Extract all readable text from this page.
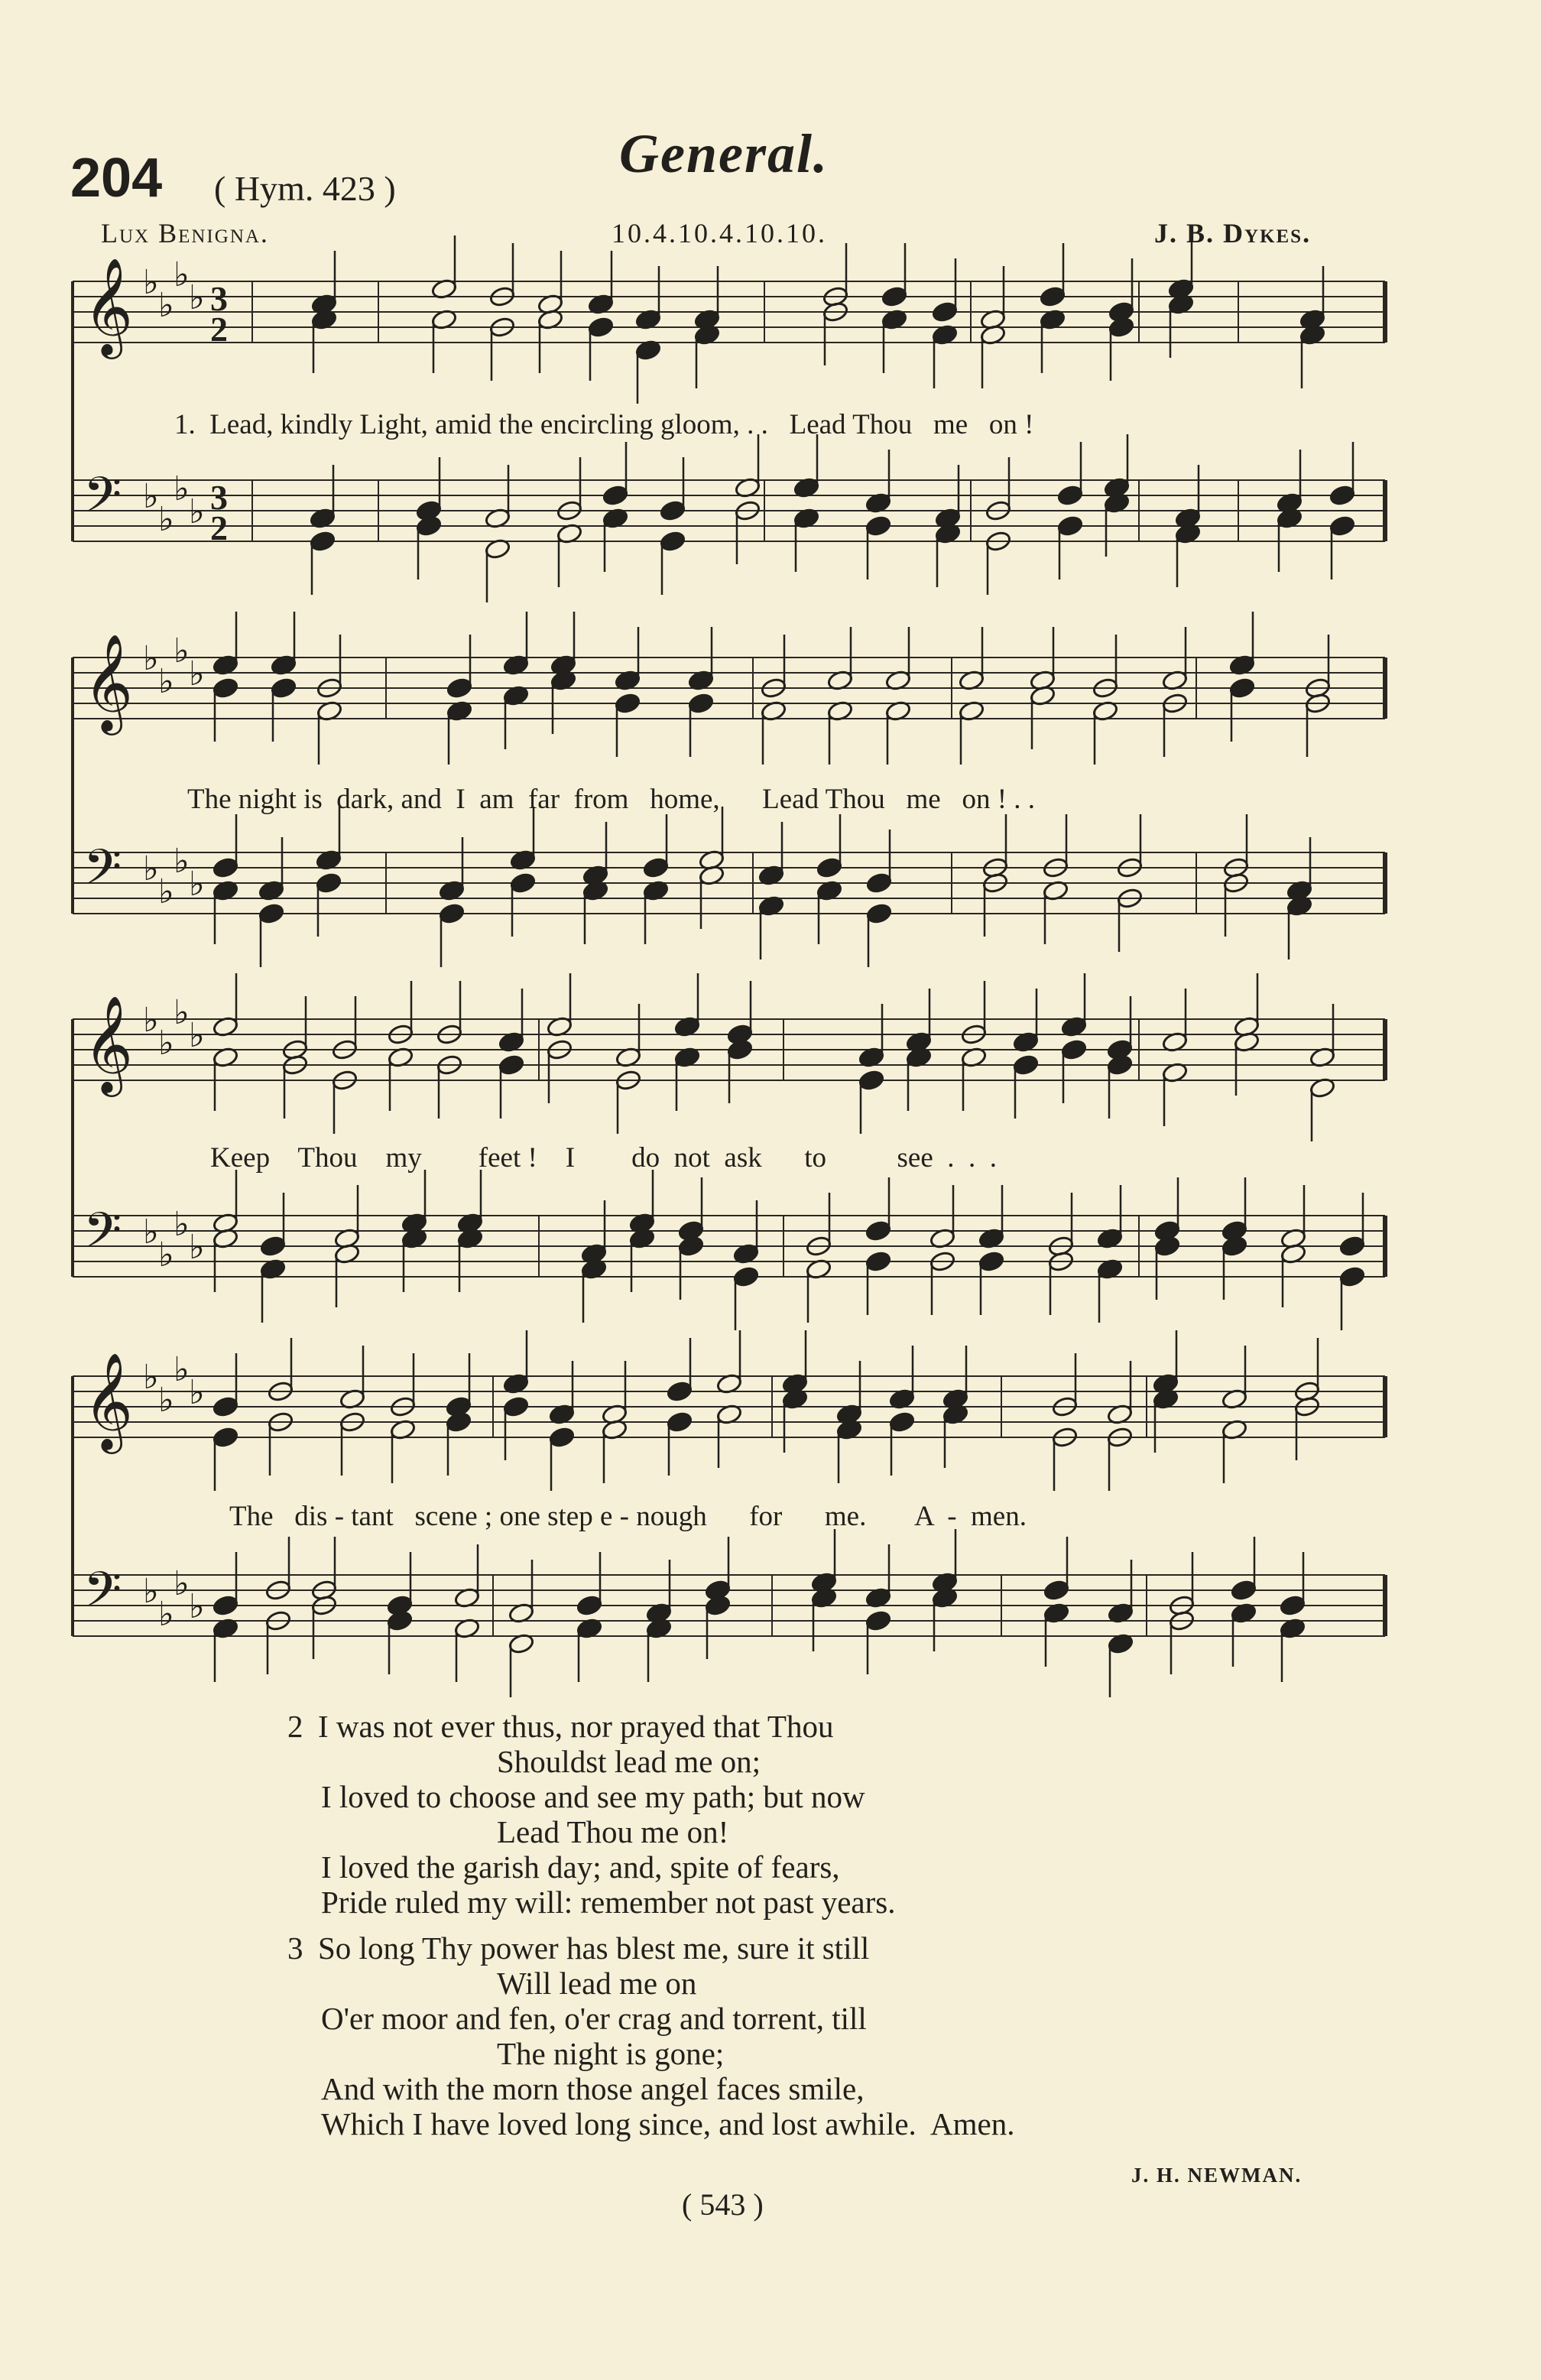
204 ( Hym. 423 )
General.
Lux Benigna.	10.4.10.4.10.10.	J. B. Dykes.
𝄞 ♭
♭
♭
♭ 3
2
𝄢 ♭
♭
♭
♭ 3
2
𝄞 ♭
♭
♭
♭
𝄢 ♭
♭
♭
♭
𝄞 ♭
♭
♭
♭
𝄢 ♭
♭
♭
♭
𝄞 ♭
♭
♭
♭
𝄢 ♭
♭
♭
♭
1.  Lead, kindly Light, amid the encircling gloom, . .   Lead Thou   me   on !
The night is  dark, and  I  am  far  from   home,      Lead Thou   me   on ! . .
Keep    Thou    my        feet !    I        do  not  ask      to          see  .  .  .
The   dis - tant   scene ; one step e - nough      for      me.       A  -  men.
2 I was not ever thus, nor prayed that Thou
Shouldst lead me on;
I loved to choose and see my path; but now
Lead Thou me on!
I loved the garish day; and, spite of fears,
Pride ruled my will: remember not past years.
3 So long Thy power has blest me, sure it still
Will lead me on
O'er moor and fen, o'er crag and torrent, till
The night is gone;
And with the morn those angel faces smile,
Which I have loved long since, and lost awhile.  Amen.
J. H. NEWMAN.
( 543 )
